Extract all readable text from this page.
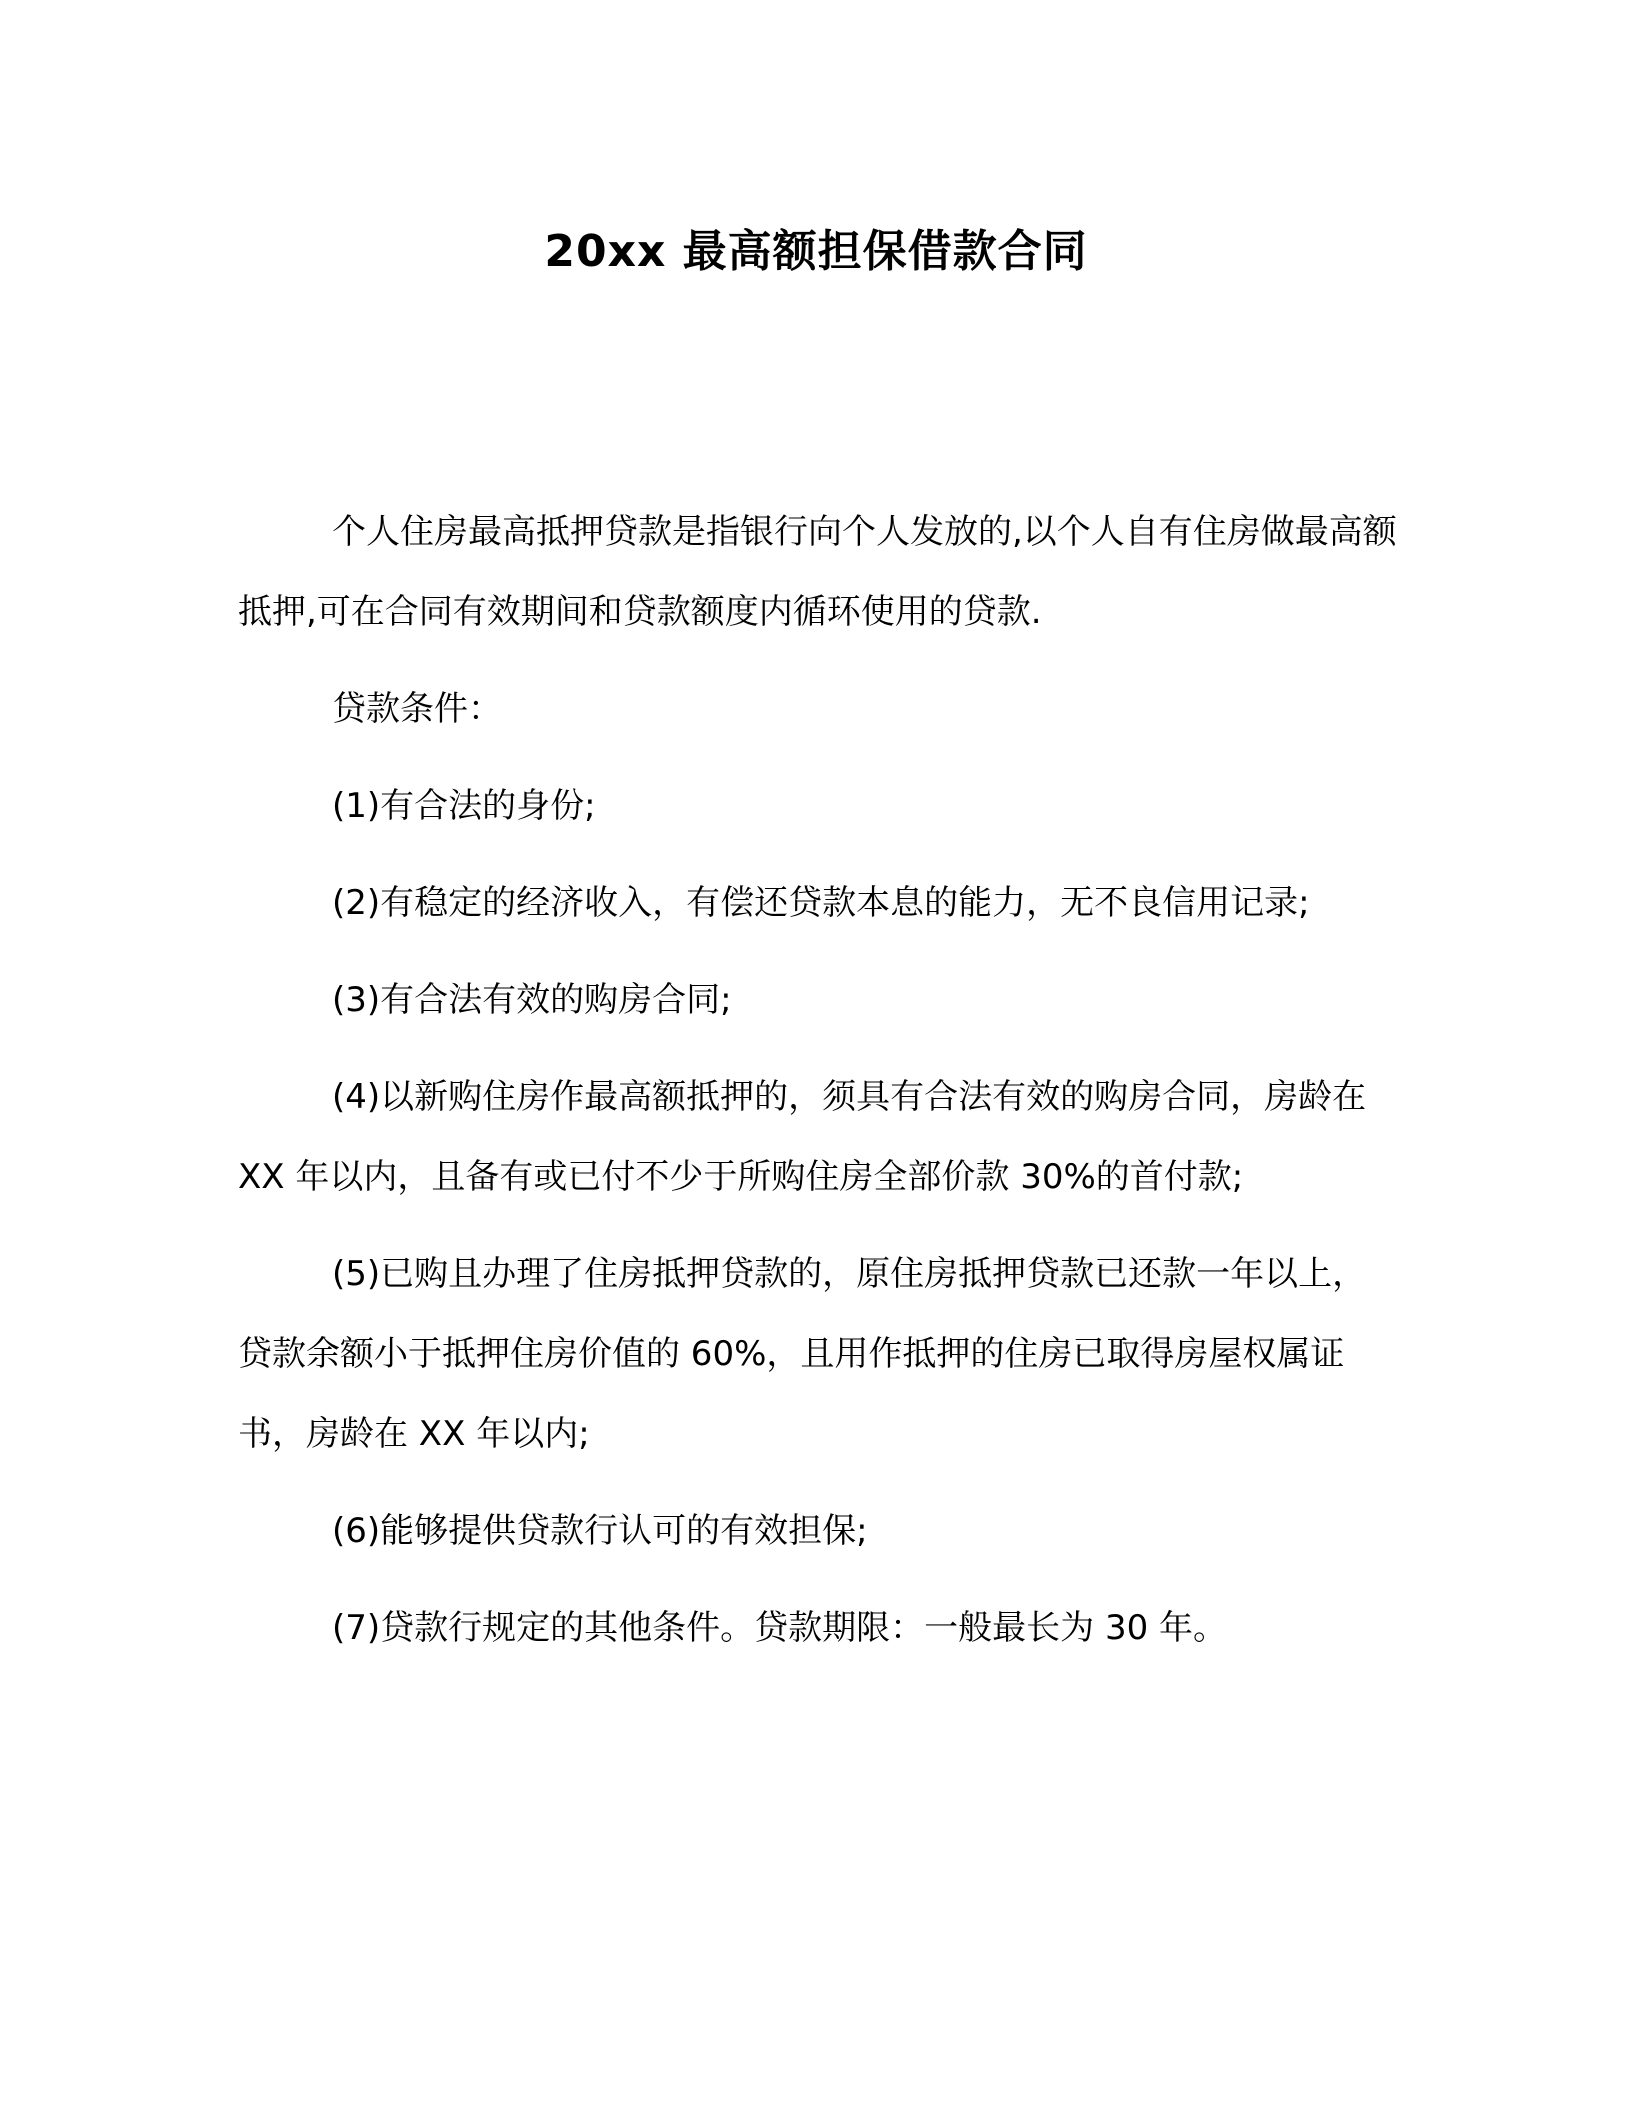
20xx 最高额担保借款合同

个人住房最高抵押贷款是指银行向个人发放的,以个人自有住房做最高额抵押,可在合同有效期间和贷款额度内循环使用的贷款.

贷款条件：

(1)有合法的身份;

(2)有稳定的经济收入，有偿还贷款本息的能力，无不良信用记录;

(3)有合法有效的购房合同;

(4)以新购住房作最高额抵押的，须具有合法有效的购房合同，房龄在 XX 年以内，且备有或已付不少于所购住房全部价款 30%的首付款;

(5)已购且办理了住房抵押贷款的，原住房抵押贷款已还款一年以上，贷款余额小于抵押住房价值的 60%，且用作抵押的住房已取得房屋权属证书，房龄在 XX 年以内;

(6)能够提供贷款行认可的有效担保;

(7)贷款行规定的其他条件。贷款期限：一般最长为 30 年。
